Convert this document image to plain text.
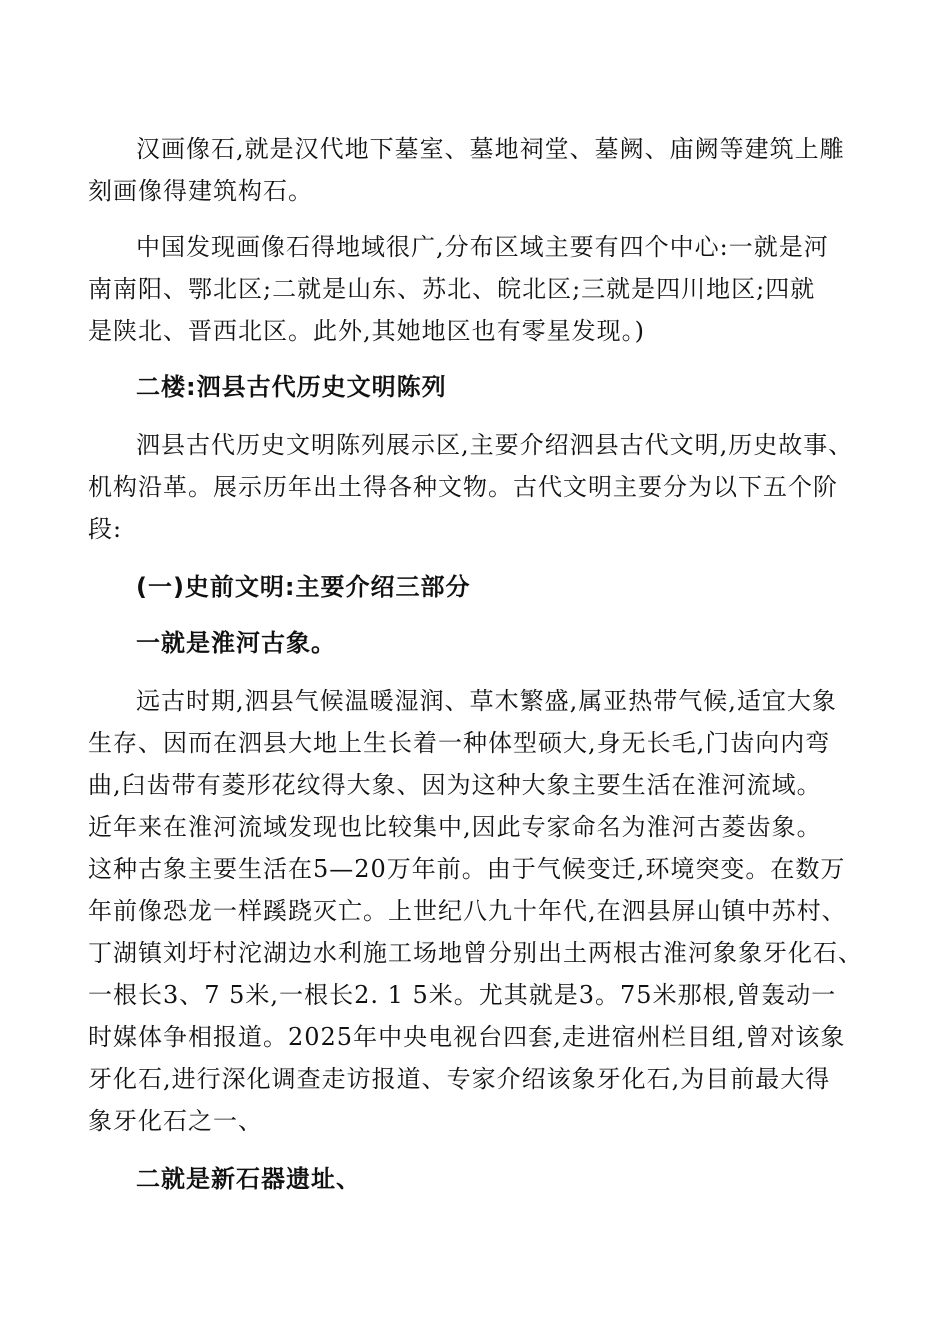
汉画像石,就是汉代地下墓室、墓地祠堂、墓阙、庙阙等建筑上雕
刻画像得建筑构石。

中国发现画像石得地域很广,分布区域主要有四个中心:一就是河
南南阳、鄂北区;二就是山东、苏北、皖北区;三就是四川地区;四就
是陕北、晋西北区。此外,其她地区也有零星发现。)

二楼:泗县古代历史文明陈列

泗县古代历史文明陈列展示区,主要介绍泗县古代文明,历史故事、
机构沿革。展示历年出土得各种文物。古代文明主要分为以下五个阶
段:

(一)史前文明:主要介绍三部分

一就是淮河古象。

远古时期,泗县气候温暖湿润、草木繁盛,属亚热带气候,适宜大象
生存、因而在泗县大地上生长着一种体型硕大,身无长毛,门齿向内弯
曲,臼齿带有菱形花纹得大象、因为这种大象主要生活在淮河流域。
近年来在淮河流域发现也比较集中,因此专家命名为淮河古菱齿象。
这种古象主要生活在5—20万年前。由于气候变迁,环境突变。在数万
年前像恐龙一样蹊跷灭亡。上世纪八九十年代,在泗县屏山镇中苏村、
丁湖镇刘圩村沱湖边水利施工场地曾分别出土两根古淮河象象牙化石、
一根长3、7 5米,一根长2. 1 5米。尤其就是3。75米那根,曾轰动一
时媒体争相报道。2025年中央电视台四套,走进宿州栏目组,曾对该象
牙化石,进行深化调查走访报道、专家介绍该象牙化石,为目前最大得
象牙化石之一、

二就是新石器遗址、
